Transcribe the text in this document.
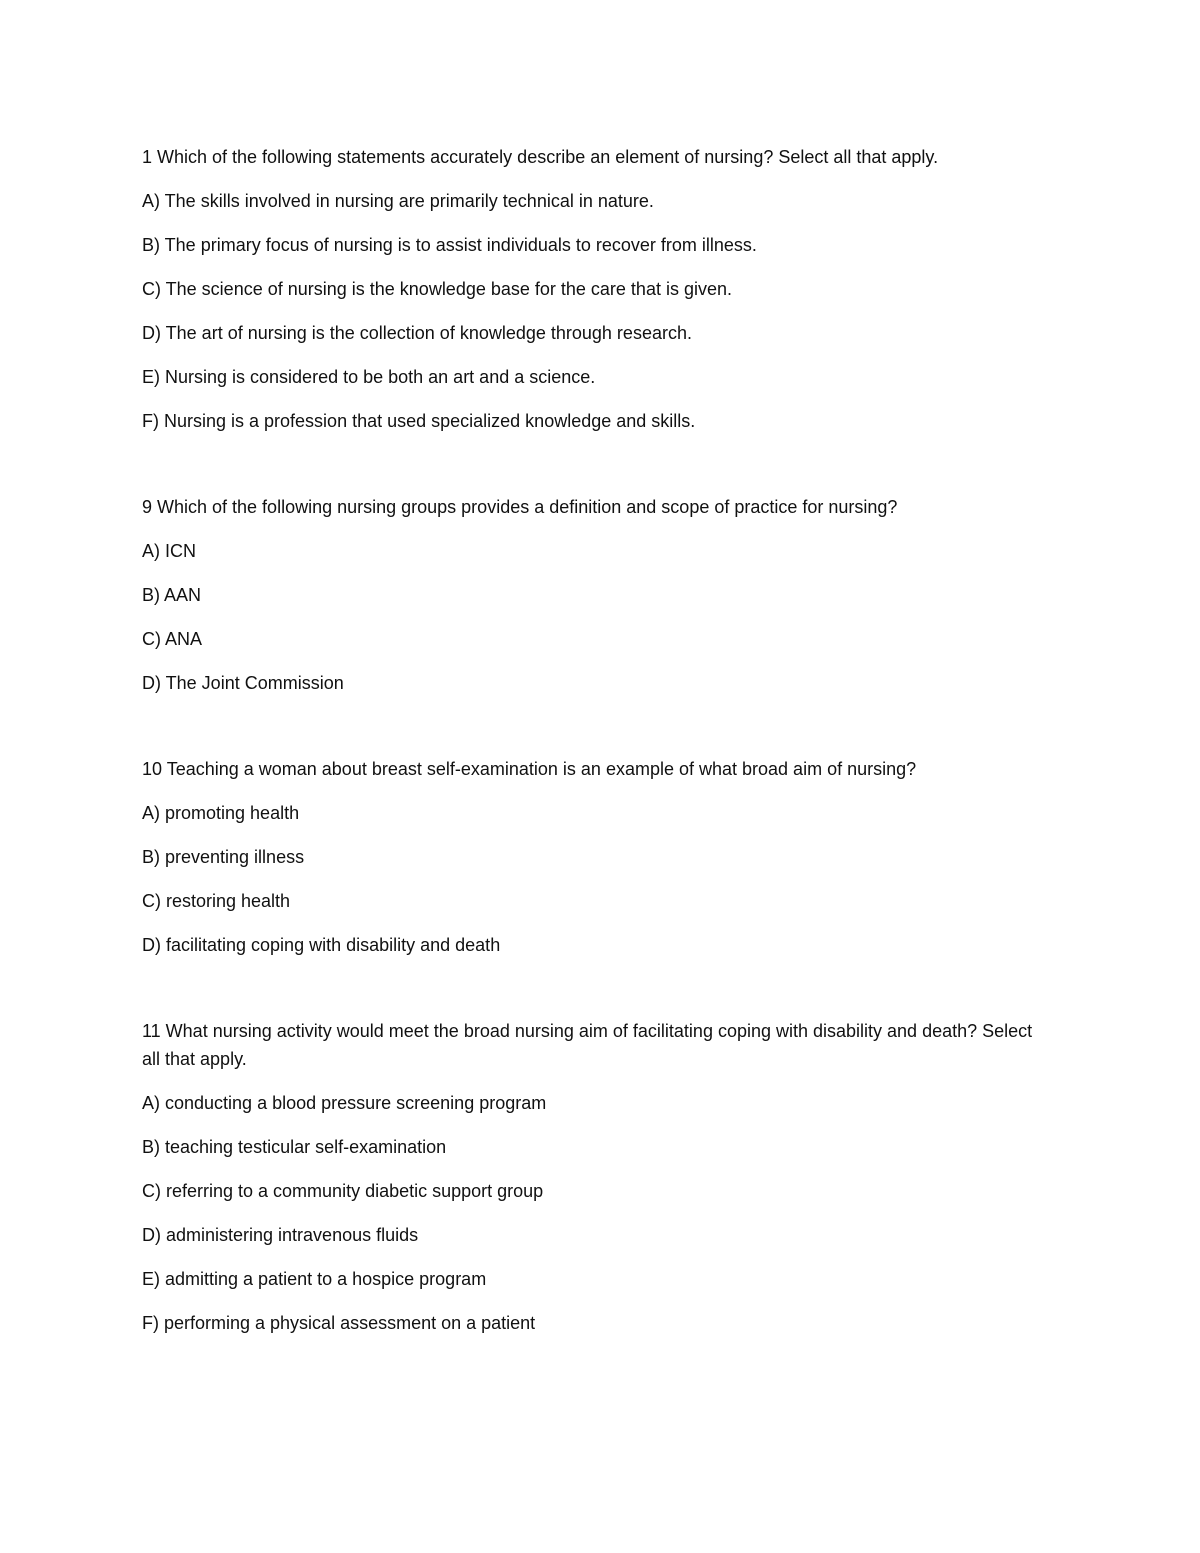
1 Which of the following statements accurately describe an element of nursing? Select all that apply.

A) The skills involved in nursing are primarily technical in nature.

B) The primary focus of nursing is to assist individuals to recover from illness.

C) The science of nursing is the knowledge base for the care that is given.

D) The art of nursing is the collection of knowledge through research.

E) Nursing is considered to be both an art and a science.

F) Nursing is a profession that used specialized knowledge and skills.

9 Which of the following nursing groups provides a definition and scope of practice for nursing?

A) ICN

B) AAN

C) ANA

D) The Joint Commission

10 Teaching a woman about breast self-examination is an example of what broad aim of nursing?

A) promoting health

B) preventing illness

C) restoring health

D) facilitating coping with disability and death

11 What nursing activity would meet the broad nursing aim of facilitating coping with disability and death? Select all that apply.

A) conducting a blood pressure screening program

B) teaching testicular self-examination

C) referring to a community diabetic support group

D) administering intravenous fluids

E) admitting a patient to a hospice program

F) performing a physical assessment on a patient
